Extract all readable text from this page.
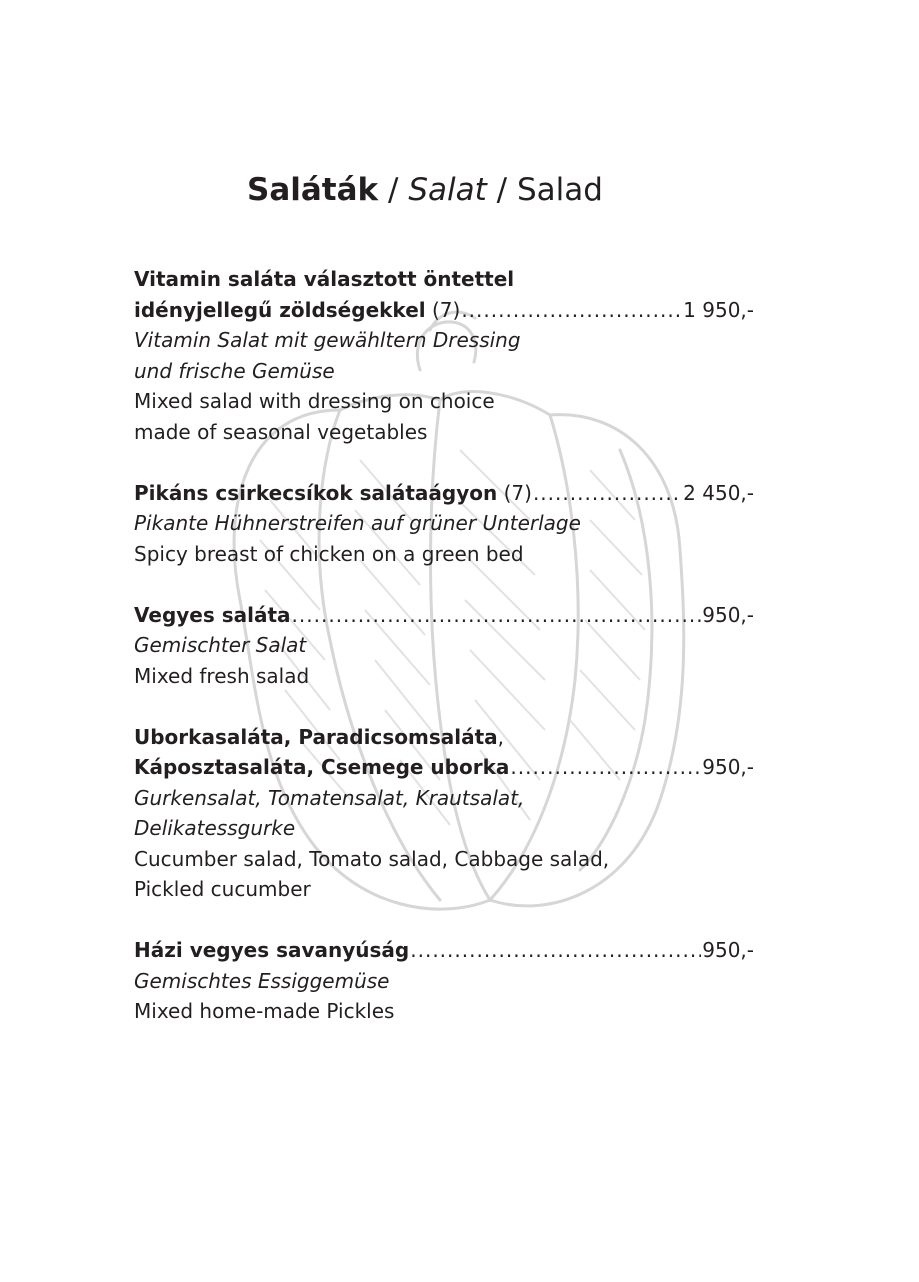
Saláták / Salat / Salad
Vitamin saláta választott öntettel
idényjellegű zöldségekkel
(7) .....	1 950,-
Vitamin Salat mit gewähltern Dressing
und frische Gemüse
Mixed salad with dressing on choice
made of seasonal vegetables
Pikáns csirkecsíkok salátaágyon
(7) .....	2 450,-
Pikante Hühnerstreifen auf grüner Unterlage
Spicy breast of chicken on a green bed
Vegyes saláta .....	950,-
Gemischter Salat
Mixed fresh salad
Uborkasaláta, Paradicsomsaláta,
Káposztasaláta, Csemege uborka .....	950,-
Gurkensalat, Tomatensalat, Krautsalat,
Delikatessgurke
Cucumber salad, Tomato salad, Cabbage salad,
Pickled cucumber
Házi vegyes savanyúság .....	950,-
Gemischtes Essiggemüse
Mixed home-made Pickles
